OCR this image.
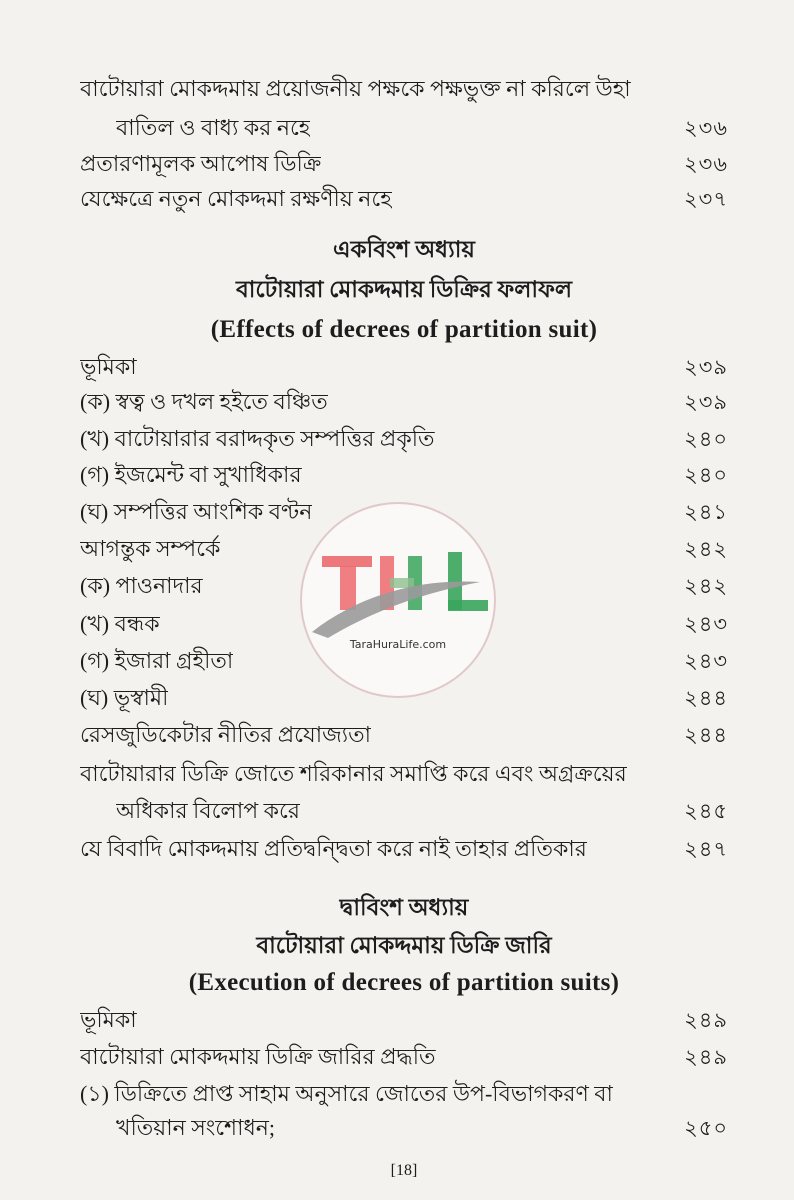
বাটোয়ারা মোকদ্দমায় প্রয়োজনীয় পক্ষকে পক্ষভুক্ত না করিলে উহা
বাতিল ও বাধ্য কর নহে	২৩৬
প্রতারণামূলক আপোষ ডিক্রি	২৩৬
যেক্ষেত্রে নতুন মোকদ্দমা রক্ষণীয় নহে	২৩৭
একবিংশ অধ্যায়
বাটোয়ারা মোকদ্দমায় ডিক্রির ফলাফল
(Effects of decrees of partition suit)
ভূমিকা	২৩৯
(ক) স্বত্ব ও দখল হইতে বঞ্চিত	২৩৯
(খ) বাটোয়ারার বরাদ্দকৃত সম্পত্তির প্রকৃতি	২৪০
(গ) ইজমেন্ট বা সুখাধিকার	২৪০
(ঘ) সম্পত্তির আংশিক বণ্টন	২৪১
আগন্তুক সম্পর্কে	২৪২
(ক) পাওনাদার	২৪২
(খ) বন্ধক	২৪৩
(গ) ইজারা গ্রহীতা	২৪৩
(ঘ) ভূস্বামী	২৪৪
রেসজুডিকেটার নীতির প্রযোজ্যতা	২৪৪
বাটোয়ারার ডিক্রি জোতে শরিকানার সমাপ্তি করে এবং অগ্রক্রয়ের
অধিকার বিলোপ করে	২৪৫
যে বিবাদি মোকদ্দমায় প্রতিদ্বন্দ্বিতা করে নাই তাহার প্রতিকার	২৪৭
দ্বাবিংশ অধ্যায়
বাটোয়ারা মোকদ্দমায় ডিক্রি জারি
(Execution of decrees of partition suits)
ভূমিকা	২৪৯
বাটোয়ারা মোকদ্দমায় ডিক্রি জারির প্রদ্ধতি	২৪৯
(১) ডিক্রিতে প্রাপ্ত সাহাম অনুসারে জোতের উপ-বিভাগকরণ বা
খতিয়ান সংশোধন;	২৫০
[18]
TaraHuraLife.com
